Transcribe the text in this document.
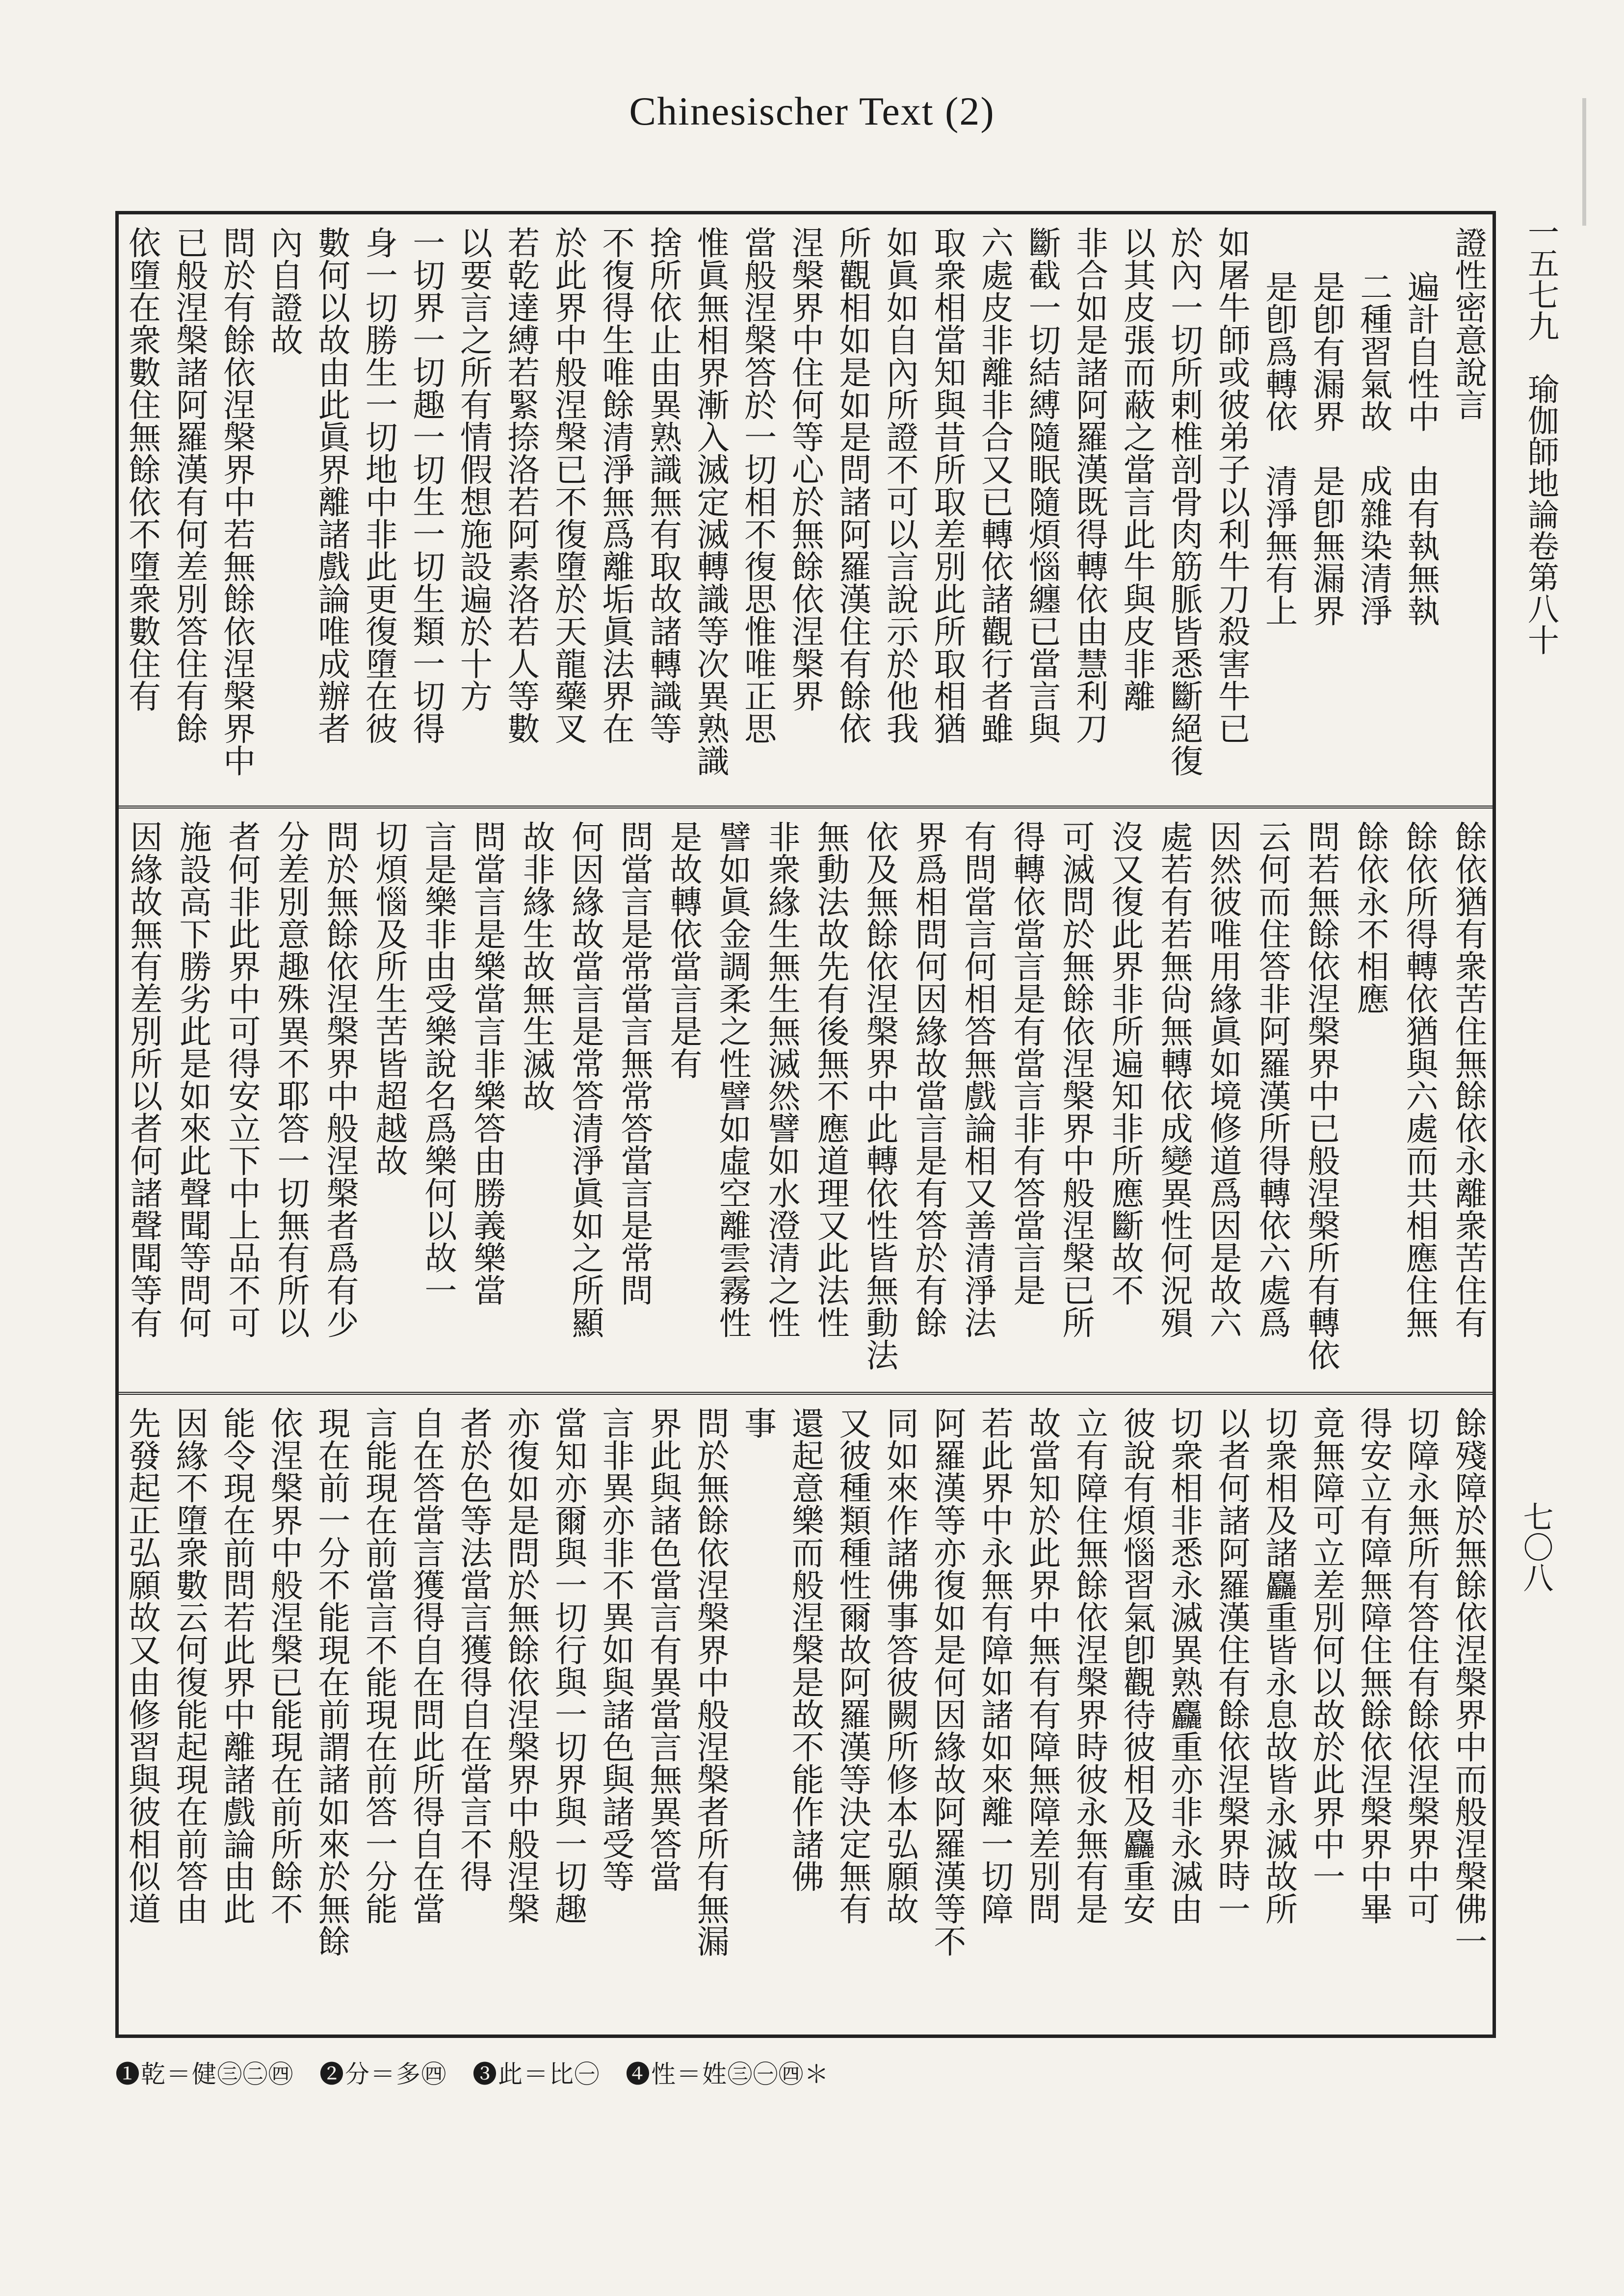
Chinesischer Text (2)
證性密意說言
遍計自性中　由有執無執
二種習氣故　成雜染清淨
是卽有漏界　是卽無漏界
是卽爲轉依　清淨無有上
如屠牛師或彼弟子以利牛刀殺害牛已
於內一切所剌椎剖骨肉筋脈皆悉斷絕復
以其皮張而蔽之當言此牛與皮非離
非合如是諸阿羅漢既得轉依由慧利刀
斷截一切結縛隨眠隨煩惱纏已當言與
六處皮非離非合又已轉依諸觀行者雖
取衆相當知與昔所取差別此所取相猶
如眞如自內所證不可以言說示於他我
所觀相如是如是問諸阿羅漢住有餘依
涅槃界中住何等心於無餘依涅槃界
當般涅槃答於一切相不復思惟唯正思
惟眞無相界漸入滅定滅轉識等次異熟識
捨所依止由異熟識無有取故諸轉識等
不復得生唯餘清淨無爲離垢眞法界在
於此界中般涅槃已不復墮於天龍藥叉
若乾達縛若緊捺洛若阿素洛若人等數
以要言之所有情假想施設遍於十方
一切界一切趣一切生一切生類一切得
身一切勝生一切地中非此更復墮在彼
數何以故由此眞界離諸戲論唯成辦者
內自證故
問於有餘依涅槃界中若無餘依涅槃界中
已般涅槃諸阿羅漢有何差別答住有餘
依墮在衆數住無餘依不墮衆數住有
餘依猶有衆苦住無餘依永離衆苦住有
餘依所得轉依猶與六處而共相應住無
餘依永不相應
問若無餘依涅槃界中已般涅槃所有轉依
云何而住答非阿羅漢所得轉依六處爲
因然彼唯用緣眞如境修道爲因是故六
處若有若無尙無轉依成變異性何況殞
沒又復此界非所遍知非所應斷故不
可滅問於無餘依涅槃界中般涅槃已所
得轉依當言是有當言非有答當言是
有問當言何相答無戲論相又善清淨法
界爲相問何因緣故當言是有答於有餘
依及無餘依涅槃界中此轉依性皆無動法
無動法故先有後無不應道理又此法性
非衆緣生無生無滅然譬如水澄清之性
譬如眞金調柔之性譬如虛空離雲霧性
是故轉依當言是有
問當言是常當言無常答當言是常問
何因緣故當言是常答清淨眞如之所顯
故非緣生故無生滅故
問當言是樂當言非樂答由勝義樂當
言是樂非由受樂說名爲樂何以故一
切煩惱及所生苦皆超越故
問於無餘依涅槃界中般涅槃者爲有少
分差別意趣殊異不耶答一切無有所以
者何非此界中可得安立下中上品不可
施設高下勝劣此是如來此聲聞等問何
因緣故無有差別所以者何諸聲聞等有
餘殘障於無餘依涅槃界中而般涅槃佛一
切障永無所有答住有餘依涅槃界中可
得安立有障無障住無餘依涅槃界中畢
竟無障可立差別何以故於此界中一
切衆相及諸麤重皆永息故皆永滅故所
以者何諸阿羅漢住有餘依涅槃界時一
切衆相非悉永滅異熟麤重亦非永滅由
彼說有煩惱習氣卽觀待彼相及麤重安
立有障住無餘依涅槃界時彼永無有是
故當知於此界中無有有障無障差別問
若此界中永無有障如諸如來離一切障
阿羅漢等亦復如是何因緣故阿羅漢等不
同如來作諸佛事答彼闕所修本弘願故
又彼種類種性爾故阿羅漢等決定無有
還起意樂而般涅槃是故不能作諸佛
事
問於無餘依涅槃界中般涅槃者所有無漏
界此與諸色當言有異當言無異答當
言非異亦非不異如與諸色與諸受等
當知亦爾與一切行與一切界與一切趣
亦復如是問於無餘依涅槃界中般涅槃
者於色等法當言獲得自在當言不得
自在答當言獲得自在問此所得自在當
言能現在前當言不能現在前答一分能
現在前一分不能現在前謂諸如來於無餘
依涅槃界中般涅槃已能現在前所餘不
能令現在前問若此界中離諸戲論由此
因緣不墮衆數云何復能起現在前答由
先發起正弘願故又由修習與彼相似道
一五七九　瑜伽師地論卷第八十
七〇八
❶乾＝健㊂㊁㊃　❷分＝多㊃　❸此＝比㊀　❹性＝姓㊂㊀㊃＊
